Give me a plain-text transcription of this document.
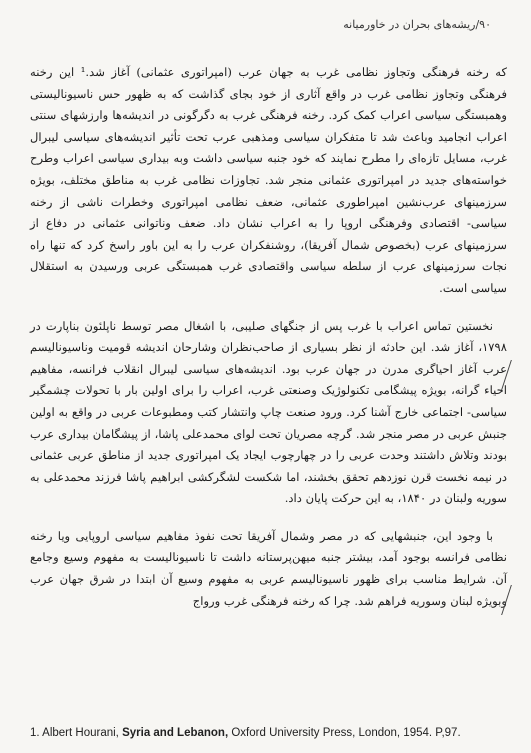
۹۰/ریشه‌های بحران در خاورمیانه

که رخنه فرهنگی وتجاوز نظامی غرب به جهان عرب (امپراتوری عثمانی) آغاز شد.¹ این رخنه فرهنگی وتجاوز نظامی غرب در واقع آثاری از خود بجای گذاشت که به ظهور حس ناسیونالیستی وهمبستگی سیاسی اعراب کمک کرد. رخنه فرهنگی غرب به دگرگونی در اندیشه‌ها وارزشهای سنتی اعراب انجامید وباعث شد تا متفکران سیاسی ومذهبی عرب تحت تأثیر اندیشه‌های سیاسی لیبرال غرب، مسایل تازه‌ای را مطرح نمایند که خود جنبه سیاسی داشت وبه بیداری سیاسی اعراب وطرح خواسته‌های جدید در امپراتوری عثمانی منجر شد. تجاوزات نظامی غرب به مناطق مختلف، بویژه سرزمینهای عرب‌نشین امپراطوری عثمانی، ضعف نظامی امپراتوری وخطرات ناشی از رخنه سیاسی- اقتصادی وفرهنگی اروپا را به اعراب نشان داد. ضعف وناتوانی عثمانی در دفاع از سرزمینهای عرب (بخصوص شمال آفریقا)، روشنفکران عرب را به این باور راسخ کرد که تنها راه نجات سرزمینهای عرب از سلطه سیاسی واقتصادی غرب همبستگی عربی ورسیدن به استقلال سیاسی است.

نخستین تماس اعراب با غرب پس از جنگهای صلیبی، با اشغال مصر توسط ناپلئون بناپارت در ۱۷۹۸، آغاز شد. این حادثه از نظر بسیاری از صاحب‌نظران وشارحان اندیشه قومیت وناسیونالیسم عرب آغاز احیاگری مدرن در جهان عرب بود. اندیشه‌های سیاسی لیبرال انقلاب فرانسه، مفاهیم احیاء گرانه، بویژه پیشگامی تکنولوژیک وصنعتی غرب، اعراب را برای اولین بار با تحولات چشمگیر سیاسی- اجتماعی خارج آشنا کرد. ورود صنعت چاپ وانتشار کتب ومطبوعات عربی در واقع به اولین جنبش عربی در مصر منجر شد. گرچه مصریان تحت لوای محمدعلی پاشا، از پیشگامان بیداری عرب بودند وتلاش داشتند وحدت عربی را در چهارچوب ایجاد یک امپراتوری جدید از مناطق عربی عثمانی در نیمه نخست قرن نوزدهم تحقق بخشند، اما شکست لشگرکشی ابراهیم پاشا فرزند محمدعلی به سوریه ولبنان در ۱۸۴۰، به این حرکت پایان داد.

با وجود این، جنبشهایی که در مصر وشمال آفریقا تحت نفوذ مفاهیم سیاسی اروپایی ویا رخنه نظامی فرانسه بوجود آمد، بیشتر جنبه میهن‌پرستانه داشت تا ناسیونالیست به مفهوم وسیع وجامع آن. شرایط مناسب برای ظهور ناسیونالیسم عربی به مفهوم وسیع آن ابتدا در شرق جهان عرب وبویژه لبنان وسوریه فراهم شد. چرا که رخنه فرهنگی غرب ورواج

1. Albert Hourani, Syria and Lebanon, Oxford University Press, London, 1954. P,97.
